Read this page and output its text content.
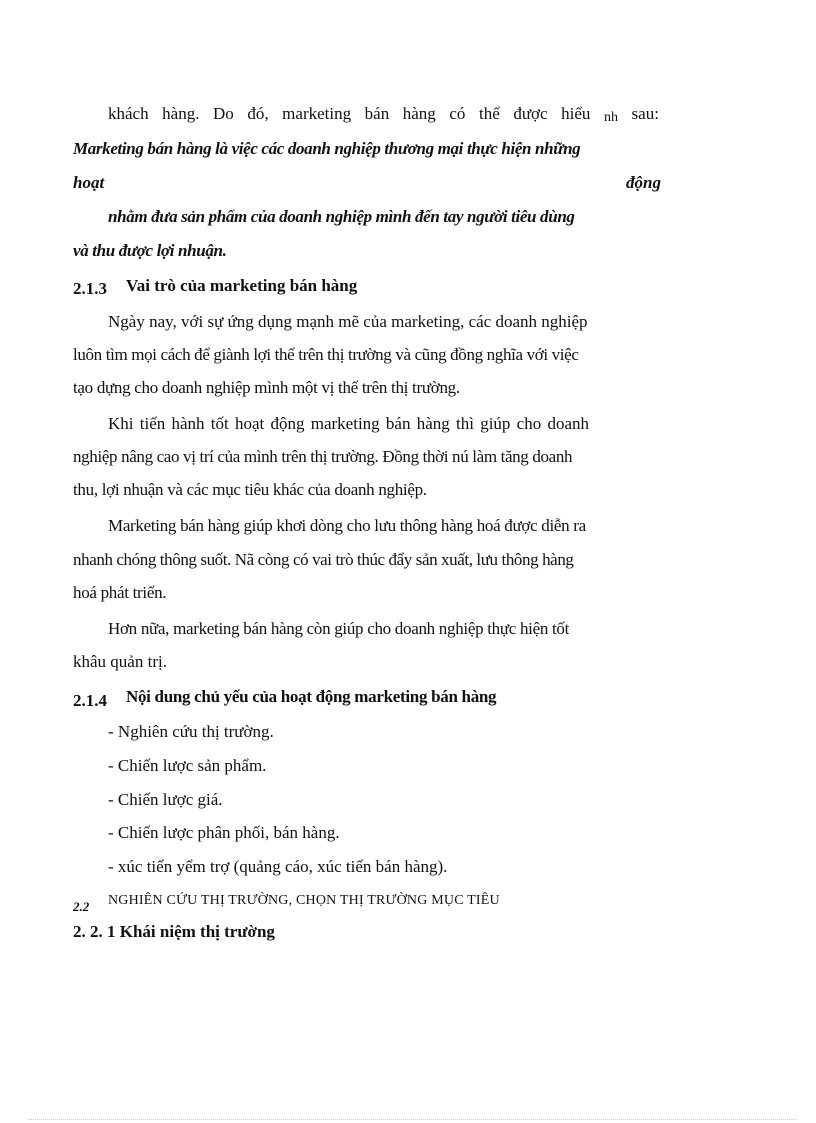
khách hàng. Do đó, marketing bán hàng có thể được hiểu nh sau:
Marketing bán hàng là việc các doanh nghiệp thương mại thực hiện những
hoạt	động
nhằm đưa sản phẩm của doanh nghiệp mình đến tay người tiêu dùng
và thu được lợi nhuận.
2.1.3 Vai trò của marketing bán hàng
Ngày nay, với sự ứng dụng mạnh mẽ của marketing, các doanh nghiệp
luôn tìm mọi cách để giành lợi thế trên thị trường và cũng đồng nghĩa với việc
tạo dựng cho doanh nghiệp mình một vị thế trên thị trường.
Khi tiến hành tốt hoạt động marketing bán hàng thì giúp cho doanh
nghiệp nâng cao vị trí của mình trên thị trường. Đồng thời nú làm tăng doanh
thu, lợi nhuận và các mục tiêu khác của doanh nghiệp.
Marketing bán hàng giúp khơi dòng cho lưu thông hàng hoá được diễn ra
nhanh chóng thông suốt. Nã còng có vai trò thúc đẩy sản xuất, lưu thông hàng
hoá phát triển.
Hơn nữa, marketing bán hàng còn giúp cho doanh nghiệp thực hiện tốt
khâu quản trị.
2.1.4 Nội dung chủ yếu của hoạt động marketing bán hàng
- Nghiên cứu thị trường.
- Chiến lược sản phẩm.
- Chiến lược giá.
- Chiến lược phân phối, bán hàng.
- xúc tiến yểm trợ (quảng cáo, xúc tiến bán hàng).
2.2 NGHIÊN CỨU THỊ TRƯỜNG, CHỌN THỊ TRƯỜNG MỤC TIÊU
2. 2. 1 Khái niệm thị trường
